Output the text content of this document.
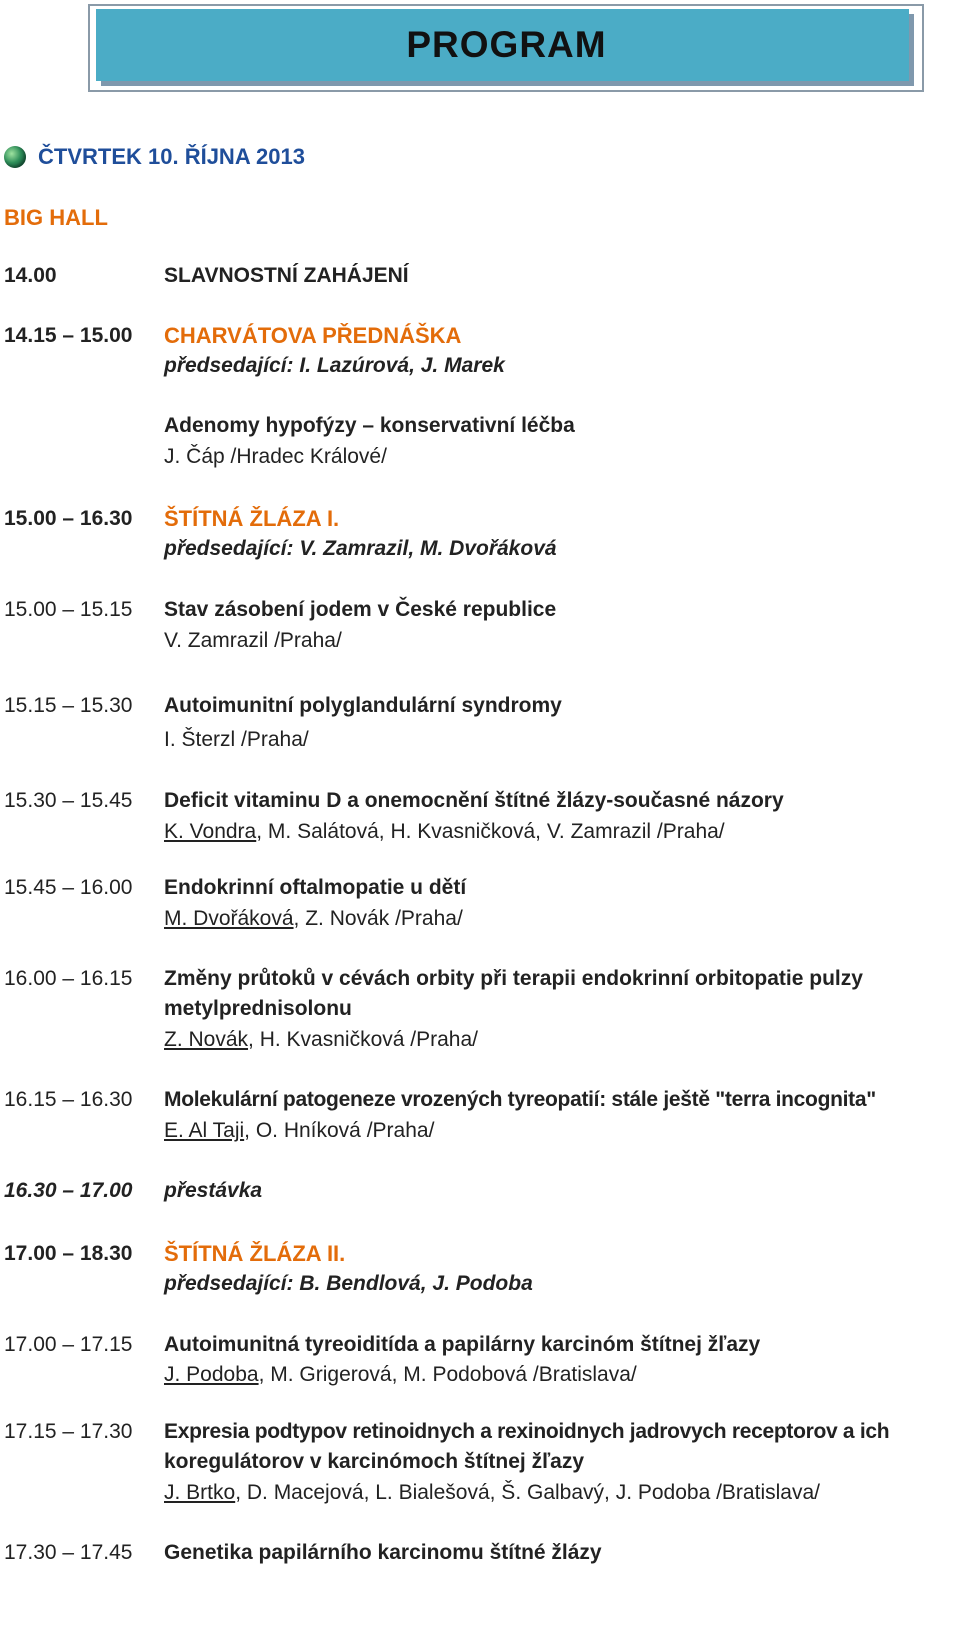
PROGRAM
ČTVRTEK 10. ŘÍJNA 2013
BIG HALL
14.00	SLAVNOSTNÍ ZAHÁJENÍ
14.15 – 15.00 CHARVÁTOVA PŘEDNÁŠKA
předsedající: I. Lazúrová, J. Marek
Adenomy hypofýzy – konservativní léčba
J. Čáp /Hradec Králové/
15.00 – 16.30 ŠTÍTNÁ ŽLÁZA I.
předsedající: V. Zamrazil, M. Dvořáková
15.00 – 15.15 Stav zásobení jodem v České republice
V. Zamrazil /Praha/
15.15 – 15.30 Autoimunitní polyglandulární syndromy
I. Šterzl /Praha/
15.30 – 15.45 Deficit vitaminu D a onemocnění štítné žlázy-současné názory
K. Vondra, M. Salátová, H. Kvasničková, V. Zamrazil /Praha/
15.45 – 16.00 Endokrinní oftalmopatie u dětí
M. Dvořáková, Z. Novák /Praha/
16.00 – 16.15 Změny průtoků v cévách orbity při terapii endokrinní orbitopatie pulzy
metylprednisolonu
Z. Novák, H. Kvasničková /Praha/
16.15 – 16.30 Molekulární patogeneze vrozených tyreopatií: stále ještě "terra incognita"
E. Al Taji, O. Hníková /Praha/
16.30 – 17.00 přestávka
17.00 – 18.30 ŠTÍTNÁ ŽLÁZA II.
předsedající: B. Bendlová, J. Podoba
17.00 – 17.15 Autoimunitná tyreoiditída a papilárny karcinóm štítnej žľazy
J. Podoba, M. Grigerová, M. Podobová /Bratislava/
17.15 – 17.30 Expresia podtypov retinoidnych a rexinoidnych jadrovych receptorov a ich
koregulátorov v karcinómoch štítnej žľazy
J. Brtko, D. Macejová, L. Bialešová, Š. Galbavý, J. Podoba /Bratislava/
17.30 – 17.45 Genetika papilárního karcinomu štítné žlázy
